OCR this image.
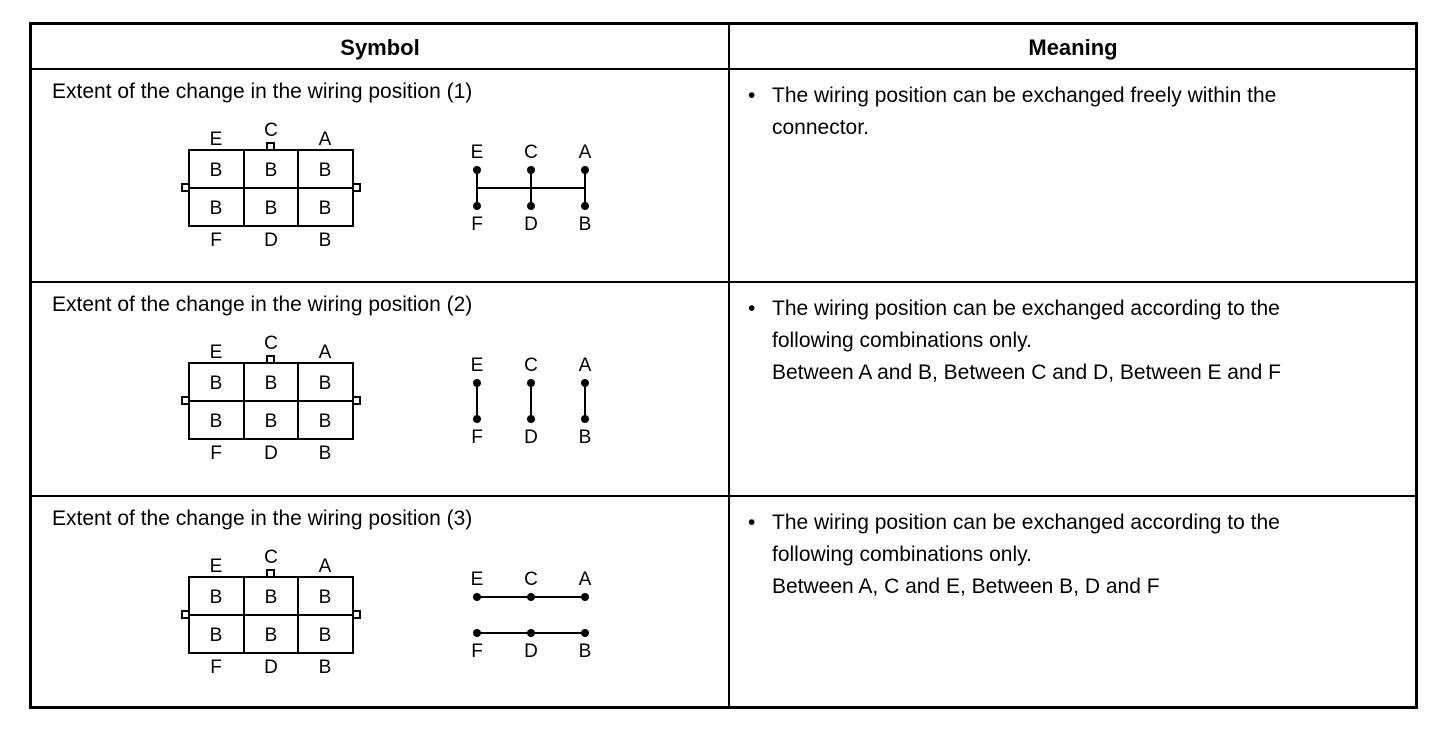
Symbol	Meaning
Extent of the change in the wiring position (1)
E C A
B B B
B B B
F D B
E C A
F D B
• The wiring position can be exchanged freely within the
connector.
Extent of the change in the wiring position (2)
E C A
B B B
B B B
F D B
E C A
F D B
• The wiring position can be exchanged according to the
following combinations only.
Between A and B, Between C and D, Between E and F
Extent of the change in the wiring position (3)
E C A
B B B
B B B
F D B
E C A
F D B
• The wiring position can be exchanged according to the
following combinations only.
Between A, C and E, Between B, D and F
